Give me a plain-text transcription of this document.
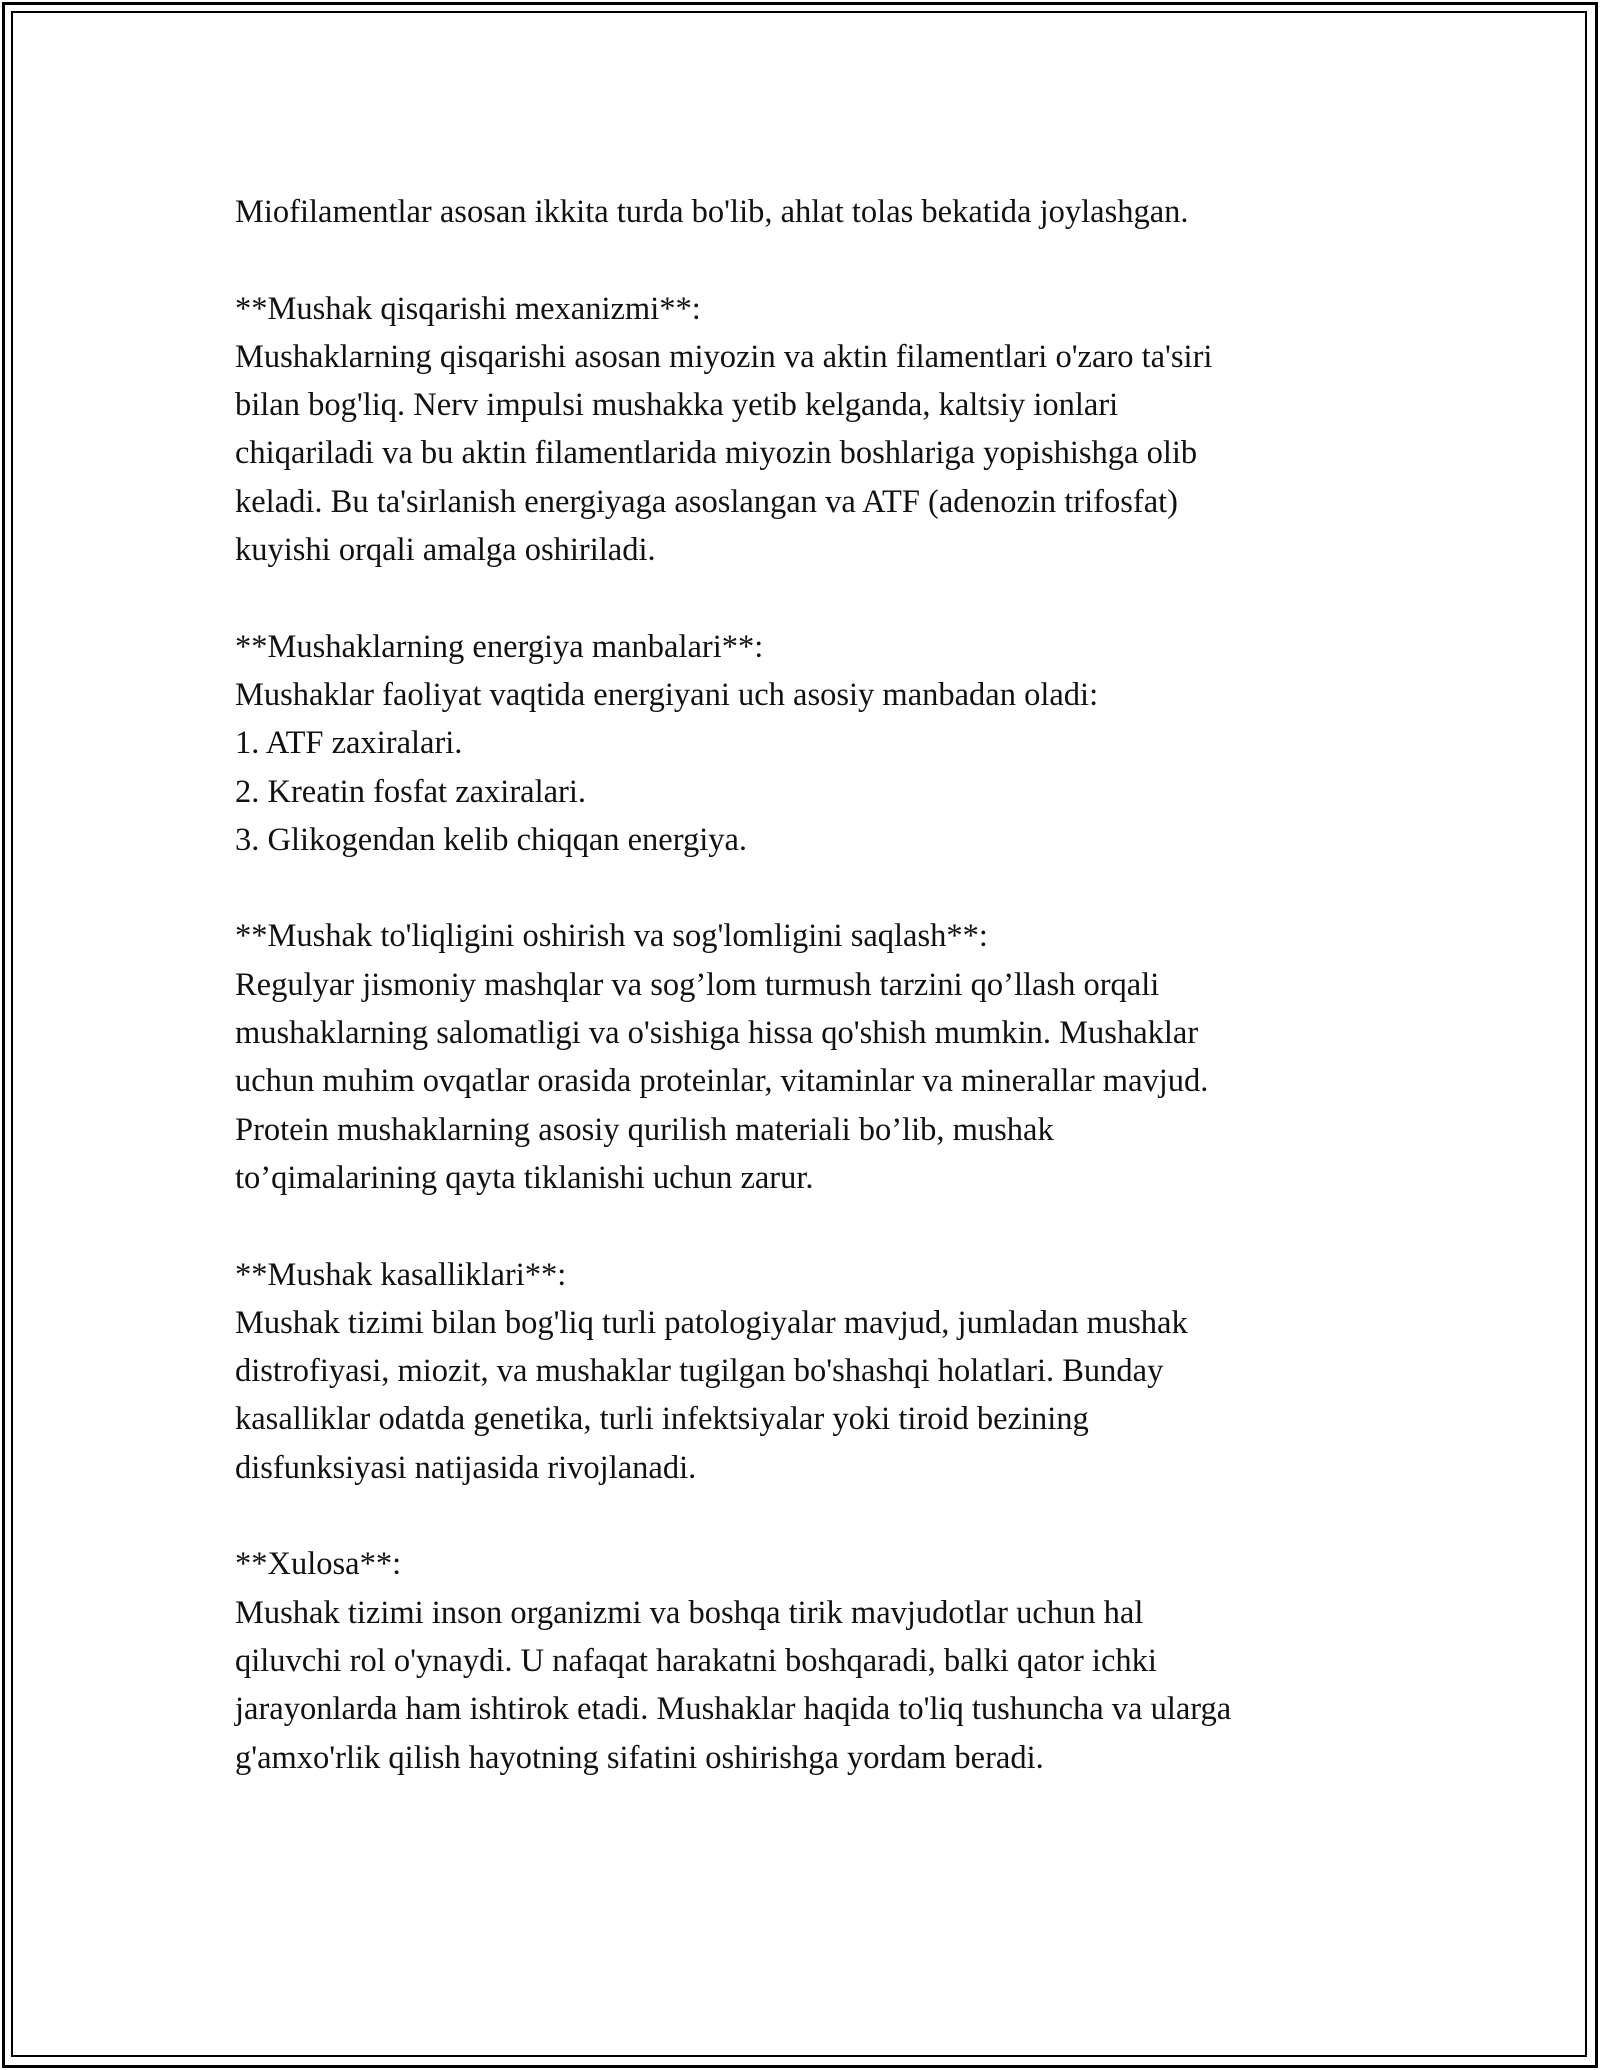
Miofilamentlar asosan ikkita turda bo'lib, ahlat tolas bekatida joylashgan.
**Mushak qisqarishi mexanizmi**:
Mushaklarning qisqarishi asosan miyozin va aktin filamentlari o'zaro ta'siri
bilan bog'liq. Nerv impulsi mushakka yetib kelganda, kaltsiy ionlari
chiqariladi va bu aktin filamentlarida miyozin boshlariga yopishishga olib
keladi. Bu ta'sirlanish energiyaga asoslangan va ATF (adenozin trifosfat)
kuyishi orqali amalga oshiriladi.
**Mushaklarning energiya manbalari**:
Mushaklar faoliyat vaqtida energiyani uch asosiy manbadan oladi:
1. ATF zaxiralari.
2. Kreatin fosfat zaxiralari.
3. Glikogendan kelib chiqqan energiya.
**Mushak to'liqligini oshirish va sog'lomligini saqlash**:
Regulyar jismoniy mashqlar va sog’lom turmush tarzini qo’llash orqali
mushaklarning salomatligi va o'sishiga hissa qo'shish mumkin. Mushaklar
uchun muhim ovqatlar orasida proteinlar, vitaminlar va minerallar mavjud.
Protein mushaklarning asosiy qurilish materiali bo’lib, mushak
to’qimalarining qayta tiklanishi uchun zarur.
**Mushak kasalliklari**:
Mushak tizimi bilan bog'liq turli patologiyalar mavjud, jumladan mushak
distrofiyasi, miozit, va mushaklar tugilgan bo'shashqi holatlari. Bunday
kasalliklar odatda genetika, turli infektsiyalar yoki tiroid bezining
disfunksiyasi natijasida rivojlanadi.
**Xulosa**:
Mushak tizimi inson organizmi va boshqa tirik mavjudotlar uchun hal
qiluvchi rol o'ynaydi. U nafaqat harakatni boshqaradi, balki qator ichki
jarayonlarda ham ishtirok etadi. Mushaklar haqida to'liq tushuncha va ularga
g'amxo'rlik qilish hayotning sifatini oshirishga yordam beradi.
